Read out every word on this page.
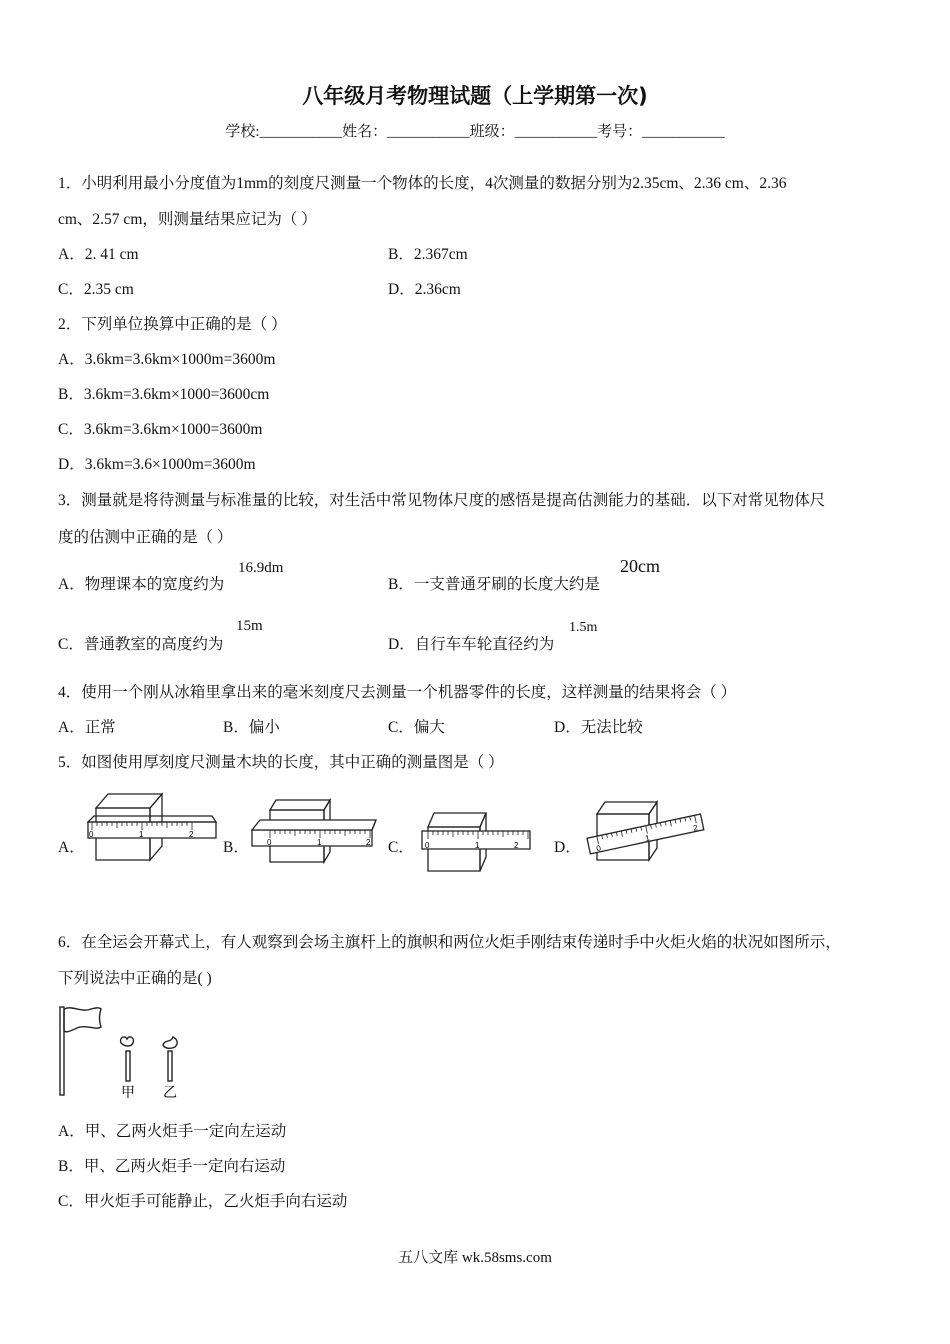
八年级月考物理试题（上学期第一次)
学校:___________姓名：___________班级：___________考号：___________
1．小明利用最小分度值为1mm的刻度尺测量一个物体的长度，4次测量的数据分别为2.35cm、2.36 cm、2.36
cm、2.57 cm，则测量结果应记为（ ）
A．2. 41 cm	B．2.367cm
C．2.35 cm	D．2.36cm
2．下列单位换算中正确的是（ ）
A．3.6km=3.6km×1000m=3600m
B．3.6km=3.6km×1000=3600cm
C．3.6km=3.6km×1000=3600m
D．3.6km=3.6×1000m=3600m
3．测量就是将待测量与标准量的比较，对生活中常见物体尺度的感悟是提高估测能力的基础．以下对常见物体尺
度的估测中正确的是（ ）
A．物理课本的宽度约为
16.9dm
B．一支普通牙刷的长度大约是
20cm
C．普通教室的高度约为
15m
D．自行车车轮直径约为
1.5m
4．使用一个刚从冰箱里拿出来的毫米刻度尺去测量一个机器零件的长度，这样测量的结果将会（ ）
A．正常	B．偏小	C．偏大	D．无法比较
5．如图使用厚刻度尺测量木块的长度，其中正确的测量图是（ ）
A．	B．	C．	D．
0	1	2
0	1	2	0	1	2	0
1
2
6．在全运会开幕式上，有人观察到会场主旗杆上的旗帜和两位火炬手刚结束传递时手中火炬火焰的状况如图所示，
下列说法中正确的是( )
甲 乙
A．甲、乙两火炬手一定向左运动
B．甲、乙两火炬手一定向右运动
C．甲火炬手可能静止，乙火炬手向右运动
五八文库 wk.58sms.com
